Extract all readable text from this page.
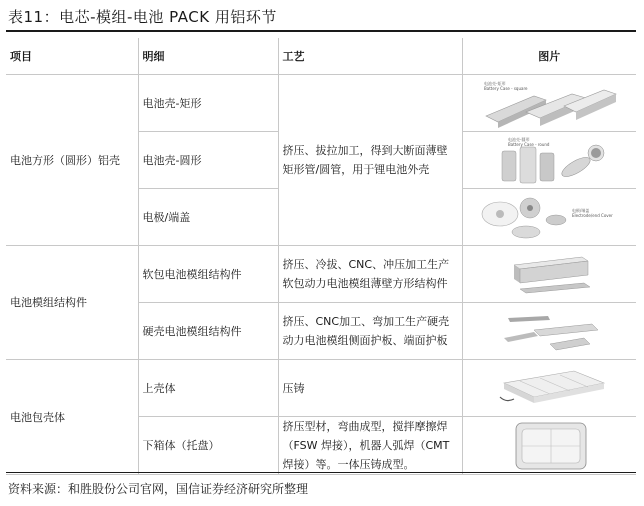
表11：电芯-模组-电池 PACK 用铝环节
项目	明细	工艺	图片
电池方形（圆形）铝壳	电池壳-矩形	挤压、拔拉加工，得到大断面薄壁矩形管/圆管，用于锂电池外壳	电池壳-矩形
Battery Case - square

	电池壳-圆形		电池壳-圆形
Battery Case - round

	电极/端盖		电极/端盖
Electrode/end Cover

电池模组结构件	软包电池模组结构件	挤压、冷拔、CNC、冲压加工生产软包动力电池模组薄壁方形结构件	

	硬壳电池模组结构件	挤压、CNC加工、弯加工生产硬壳动力电池模组侧面护板、端面护板	

电池包壳体	上壳体	压铸	

	下箱体（托盘）	挤压型材，弯曲成型，搅拌摩擦焊（FSW 焊接），机器人弧焊（CMT 焊接）等。一体压铸成型。	
资料来源：和胜股份公司官网，国信证券经济研究所整理
